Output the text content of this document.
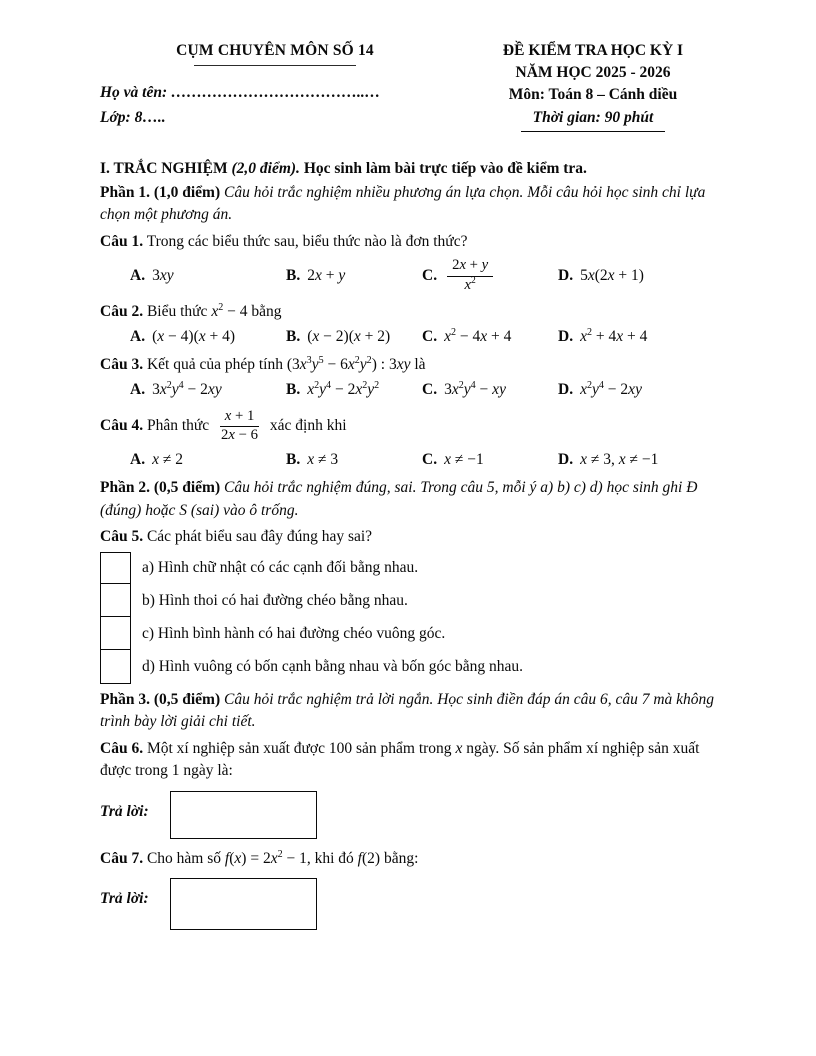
CỤM CHUYÊN MÔN SỐ 14
Họ và tên: ………………………………..…
Lớp: 8…..
ĐỀ KIỂM TRA HỌC KỲ I
NĂM HỌC 2025 - 2026
Môn: Toán 8 – Cánh diều
Thời gian: 90 phút
I. TRẮC NGHIỆM (2,0 điểm). Học sinh làm bài trực tiếp vào đề kiểm tra.
Phần 1. (1,0 điểm) Câu hỏi trắc nghiệm nhiều phương án lựa chọn. Mỗi câu hỏi học sinh chỉ lựa chọn một phương án.
Câu 1. Trong các biểu thức sau, biểu thức nào là đơn thức?
A. 3xy	B. 2x + y	C. $\frac{2x + y}{x^2}$	D. 5x(2x + 1)
Câu 2. Biểu thức $x^2 - 4$ bằng
A. (x − 4)(x + 4)	B. (x − 2)(x + 2)	C. $x^2 - 4x + 4$	D. $x^2 + 4x + 4$
Câu 3. Kết quả của phép tính $(3x^3y^5 - 6x^2y^2)$ : 3xy là
A. $3x^2y^4 - 2xy$	B. $x^2y^4 - 2x^2y^2$	C. $3x^2y^4$ − xy	D. $x^2y^4 - 2xy$
Câu 4. Phân thức $\frac{x + 1}{2x - 6}$ xác định khi
A. x ≠ 2	B. x ≠ 3	C. x ≠ −1	D. x ≠ 3, x ≠ −1
Phần 2. (0,5 điểm) Câu hỏi trắc nghiệm đúng, sai. Trong câu 5, mỗi ý a) b) c) d) học sinh ghi Đ (đúng) hoặc S (sai) vào ô trống.
Câu 5. Các phát biểu sau đây đúng hay sai?
a) Hình chữ nhật có các cạnh đối bằng nhau.
b) Hình thoi có hai đường chéo bằng nhau.
c) Hình bình hành có hai đường chéo vuông góc.
d) Hình vuông có bốn cạnh bằng nhau và bốn góc bằng nhau.
Phần 3. (0,5 điểm) Câu hỏi trắc nghiệm trả lời ngắn. Học sinh điền đáp án câu 6, câu 7 mà không trình bày lời giải chi tiết.
Câu 6. Một xí nghiệp sản xuất được 100 sản phẩm trong x ngày. Số sản phẩm xí nghiệp sản xuất được trong 1 ngày là:
Trả lời:
Câu 7. Cho hàm số $f(x) = 2x^2 - 1$, khi đó f(2) bằng:
Trả lời:
